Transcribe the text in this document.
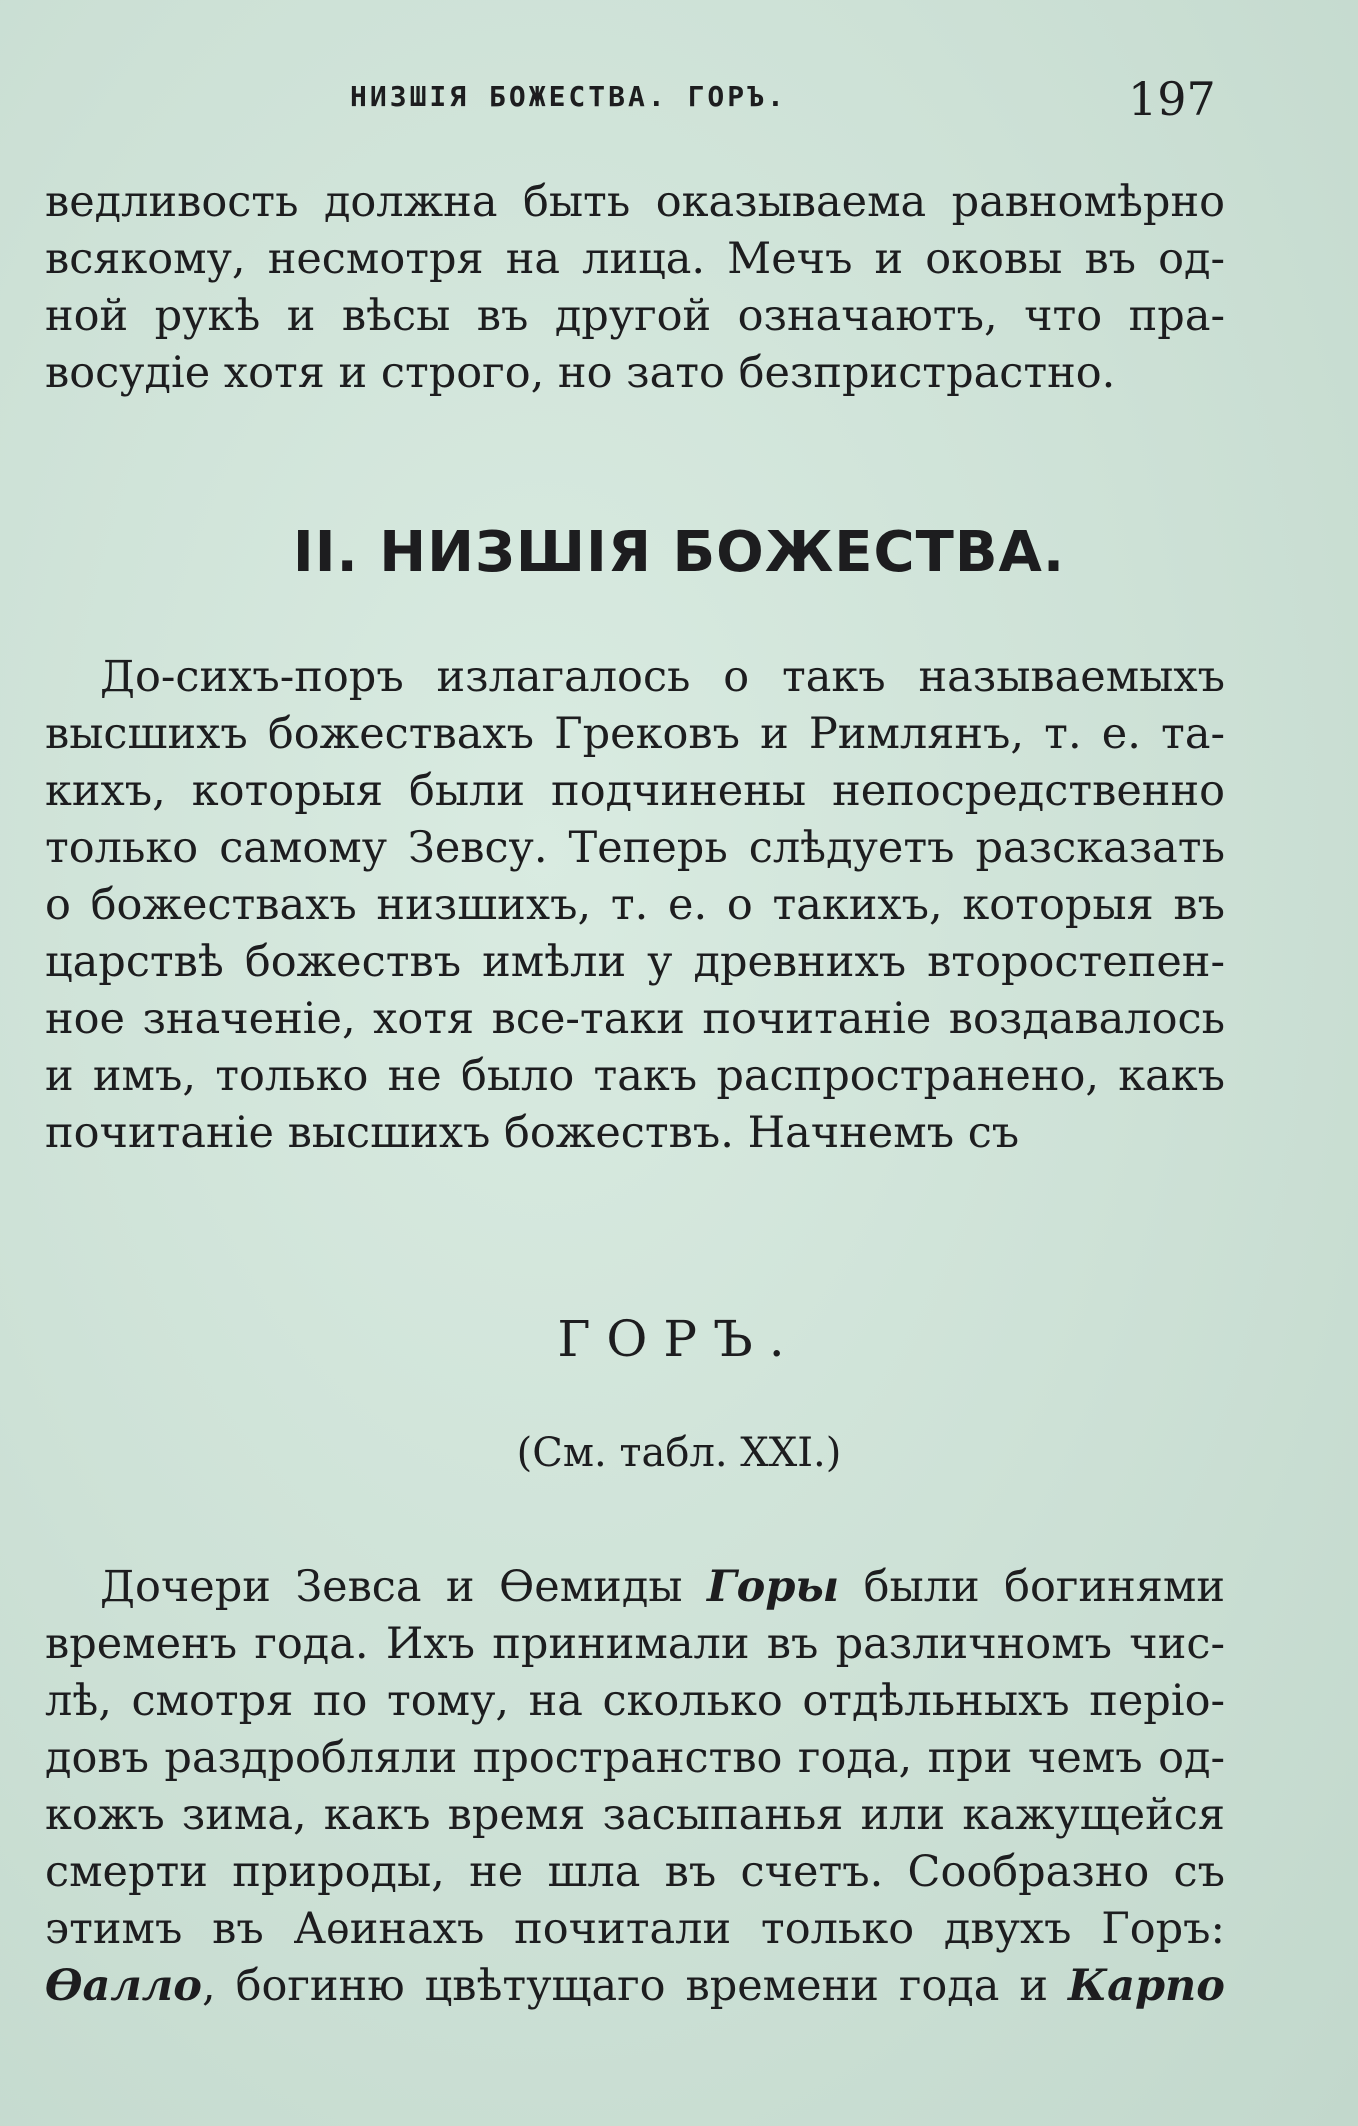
НИЗШІЯ БОЖЕСТВА. ГОРЪ.	197
ведливость должна быть оказываема равномѣрно
всякому, несмотря на лица. Мечъ и оковы въ од-
ной рукѣ и вѣсы въ другой означаютъ, что пра-
восудіе хотя и строго, но зато безпристрастно.
II. НИЗШІЯ БОЖЕСТВА.
До-сихъ-поръ излагалось о такъ называемыхъ
высшихъ божествахъ Грековъ и Римлянъ, т. е. та-
кихъ, которыя были подчинены непосредственно
только самому Зевсу. Теперь слѣдуетъ разсказать
о божествахъ низшихъ, т. е. о такихъ, которыя въ
царствѣ божествъ имѣли у древнихъ второстепен-
ное значеніе, хотя все-таки почитаніе воздавалось
и имъ, только не было такъ распространено, какъ
почитаніе высшихъ божествъ. Начнемъ съ
ГОРЪ.
(См. табл. XXI.)
Дочери Зевса и Ѳемиды Горы были богинями
временъ года. Ихъ принимали въ различномъ чис-
лѣ, смотря по тому, на сколько отдѣльныхъ періо-
довъ раздробляли пространство года, при чемъ од-
кожъ зима, какъ время засыпанья или кажущейся
смерти природы, не шла въ счетъ. Сообразно съ
этимъ въ Аѳинахъ почитали только двухъ Горъ:
Ѳалло, богиню цвѣтущаго времени года и Карпо
